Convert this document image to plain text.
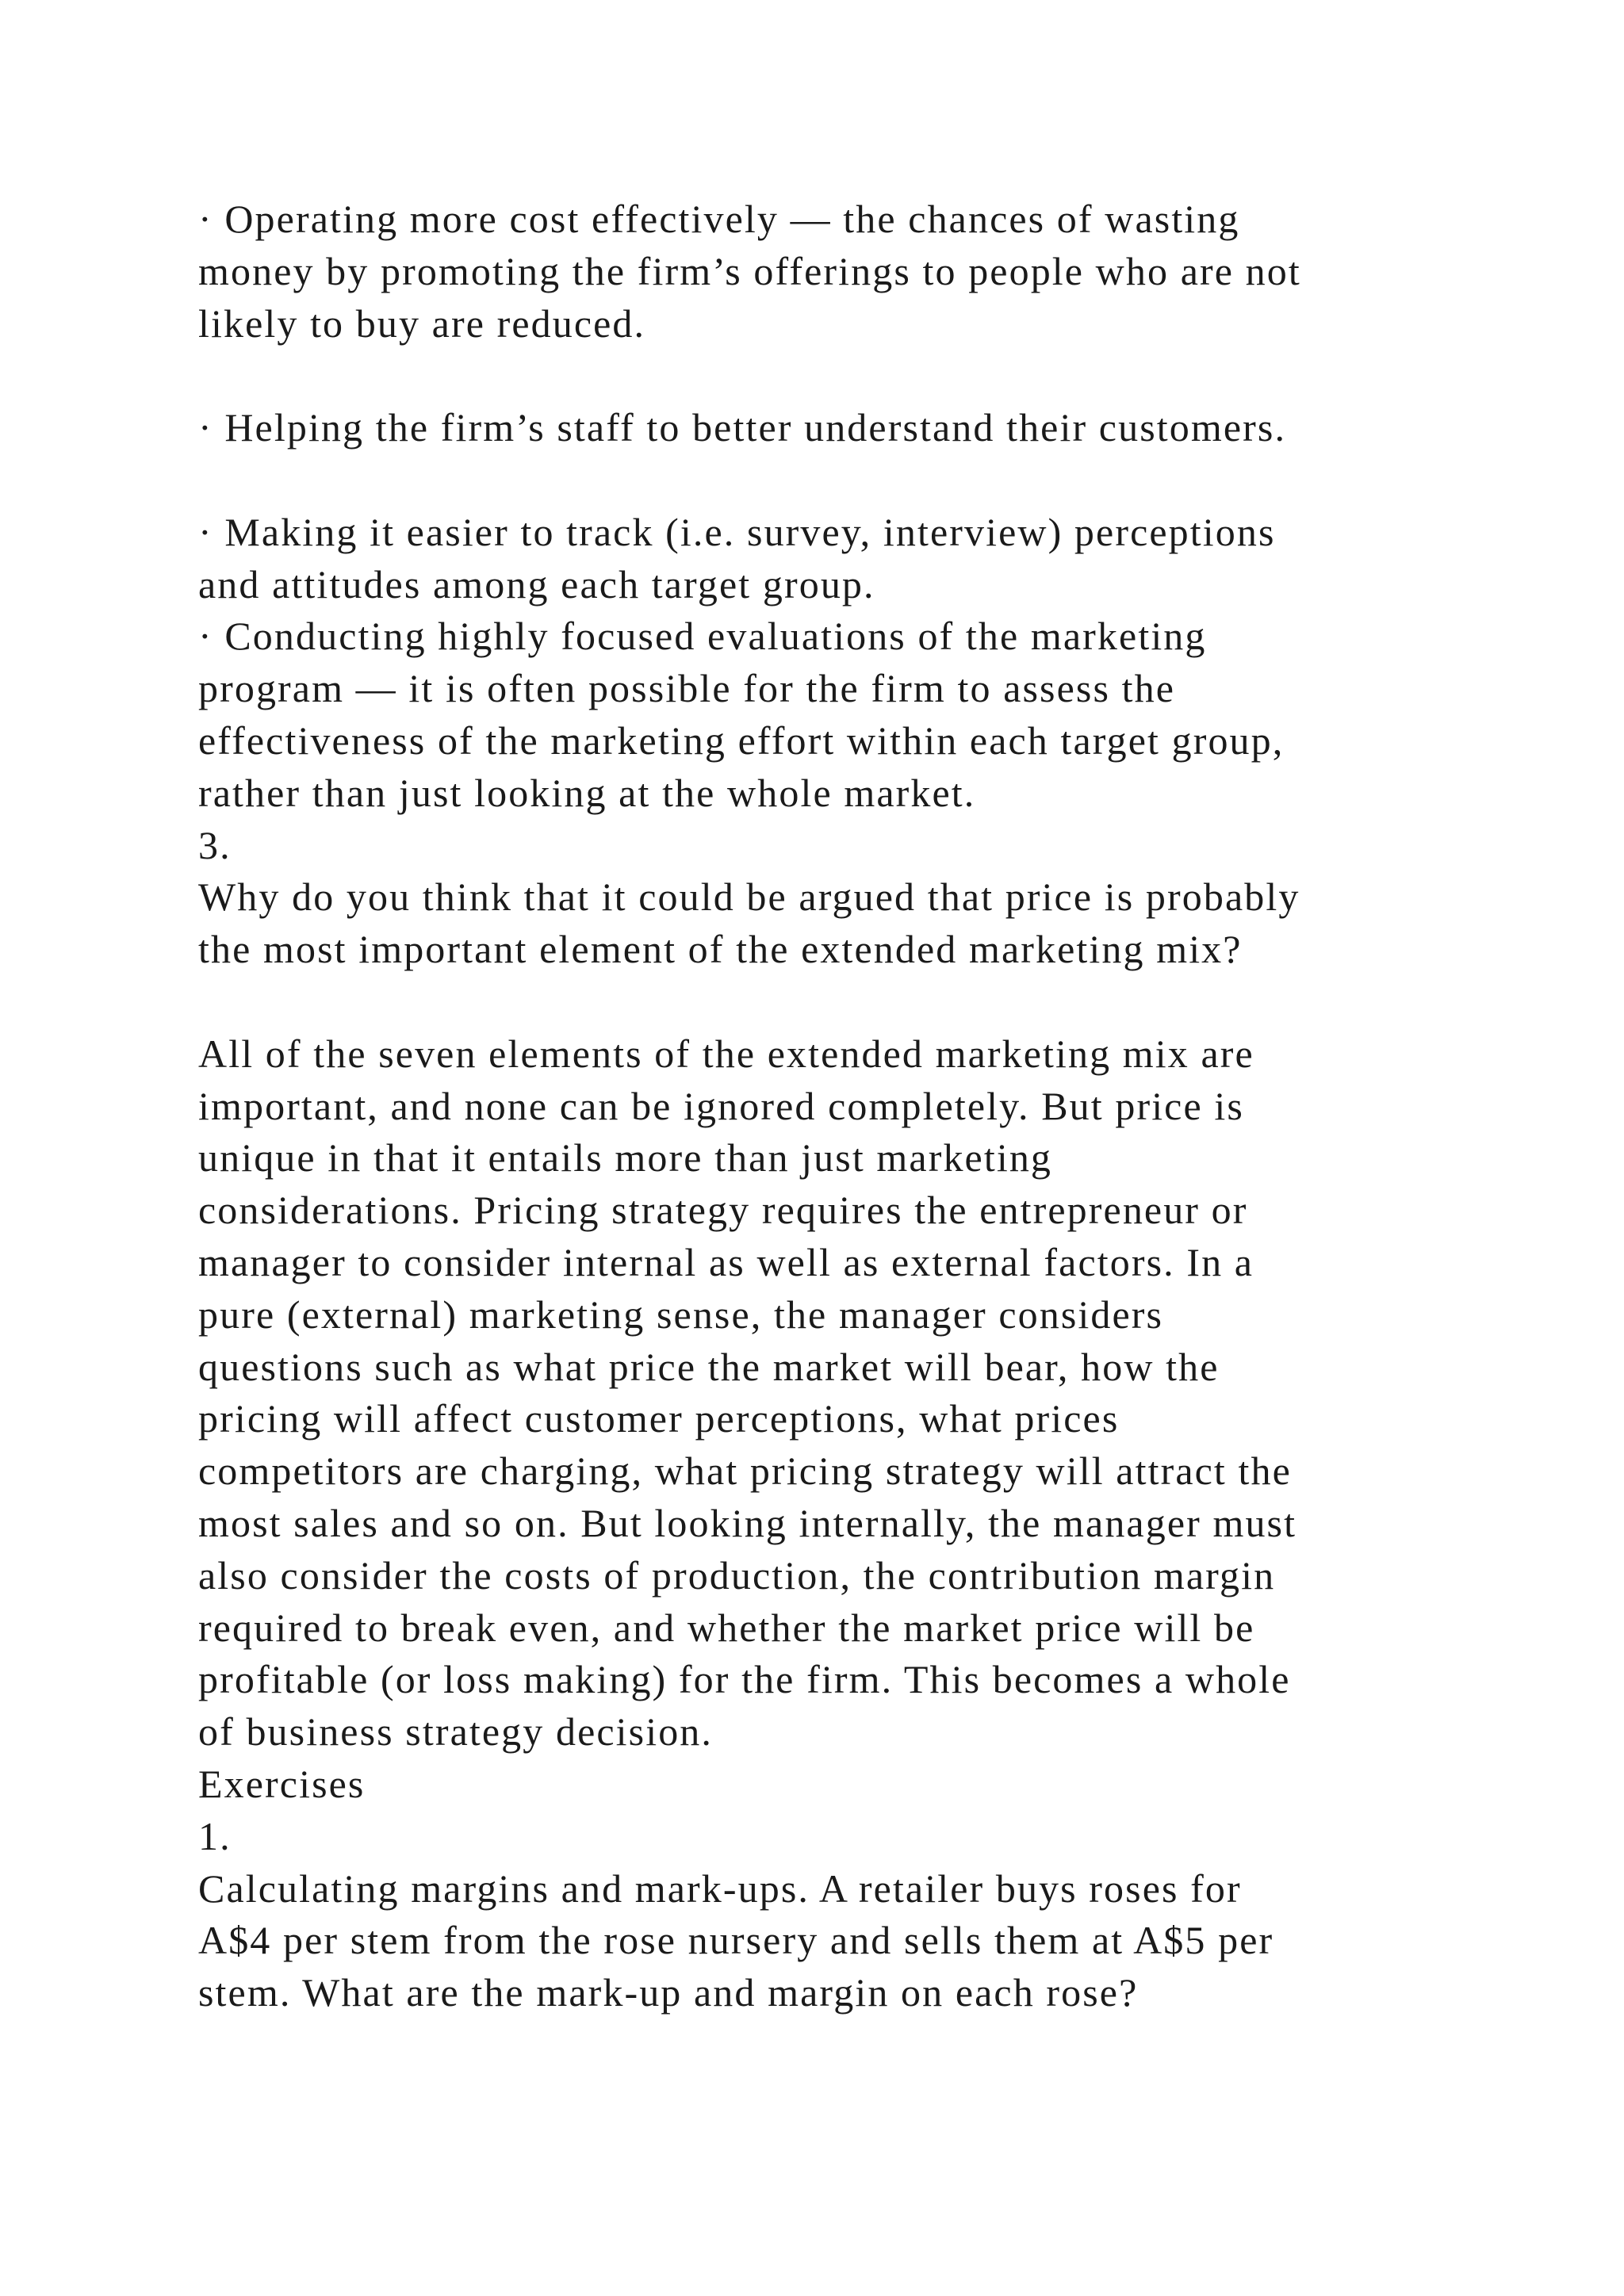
· Operating more cost effectively — the chances of wasting
money by promoting the firm’s offerings to people who are not
likely to buy are reduced.
· Helping the firm’s staff to better understand their customers.
· Making it easier to track (i.e. survey, interview) perceptions
and attitudes among each target group.
· Conducting highly focused evaluations of the marketing
program — it is often possible for the firm to assess the
effectiveness of the marketing effort within each target group,
rather than just looking at the whole market.
3.
Why do you think that it could be argued that price is probably
the most important element of the extended marketing mix?
All of the seven elements of the extended marketing mix are
important, and none can be ignored completely. But price is
unique in that it entails more than just marketing
considerations. Pricing strategy requires the entrepreneur or
manager to consider internal as well as external factors. In a
pure (external) marketing sense, the manager considers
questions such as what price the market will bear, how the
pricing will affect customer perceptions, what prices
competitors are charging, what pricing strategy will attract the
most sales and so on. But looking internally, the manager must
also consider the costs of production, the contribution margin
required to break even, and whether the market price will be
profitable (or loss making) for the firm. This becomes a whole
of business strategy decision.
Exercises
1.
Calculating margins and mark-ups. A retailer buys roses for
A$4 per stem from the rose nursery and sells them at A$5 per
stem. What are the mark-up and margin on each rose?
